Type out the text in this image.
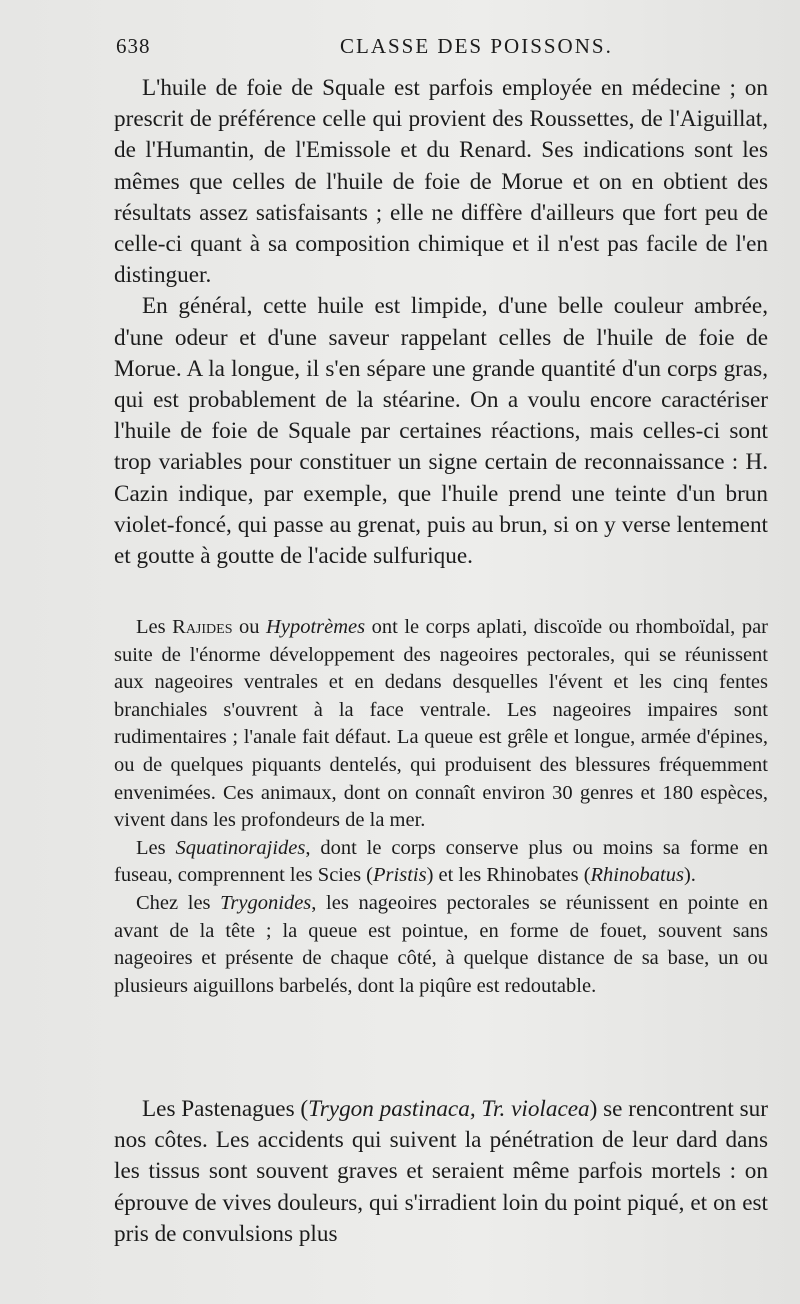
638	CLASSE DES POISSONS.

L'huile de foie de Squale est parfois employée en médecine ; on prescrit de préférence celle qui provient des Roussettes, de l'Aiguillat, de l'Humantin, de l'Emissole et du Renard. Ses indications sont les mêmes que celles de l'huile de foie de Morue et on en obtient des résultats assez satisfaisants ; elle ne diffère d'ailleurs que fort peu de celle-ci quant à sa composition chimique et il n'est pas facile de l'en distinguer.

En général, cette huile est limpide, d'une belle couleur ambrée, d'une odeur et d'une saveur rappelant celles de l'huile de foie de Morue. A la longue, il s'en sépare une grande quantité d'un corps gras, qui est probablement de la stéarine. On a voulu encore caractériser l'huile de foie de Squale par certaines réactions, mais celles-ci sont trop variables pour constituer un signe certain de reconnaissance : H. Cazin indique, par exemple, que l'huile prend une teinte d'un brun violet-foncé, qui passe au grenat, puis au brun, si on y verse lentement et goutte à goutte de l'acide sulfurique.

Les Rajides ou Hypotrèmes ont le corps aplati, discoïde ou rhomboïdal, par suite de l'énorme développement des nageoires pectorales, qui se réunissent aux nageoires ventrales et en dedans desquelles l'évent et les cinq fentes branchiales s'ouvrent à la face ventrale. Les nageoires impaires sont rudimentaires ; l'anale fait défaut. La queue est grêle et longue, armée d'épines, ou de quelques piquants dentelés, qui produisent des blessures fréquemment envenimées. Ces animaux, dont on connaît environ 30 genres et 180 espèces, vivent dans les profondeurs de la mer.

Les Squatinorajides, dont le corps conserve plus ou moins sa forme en fuseau, comprennent les Scies (Pristis) et les Rhinobates (Rhinobatus).

Chez les Trygonides, les nageoires pectorales se réunissent en pointe en avant de la tête ; la queue est pointue, en forme de fouet, souvent sans nageoires et présente de chaque côté, à quelque distance de sa base, un ou plusieurs aiguillons barbelés, dont la piqûre est redoutable.

Les Pastenagues (Trygon pastinaca, Tr. violacea) se rencontrent sur nos côtes. Les accidents qui suivent la pénétration de leur dard dans les tissus sont souvent graves et seraient même parfois mortels : on éprouve de vives douleurs, qui s'irradient loin du point piqué, et on est pris de convulsions plus
